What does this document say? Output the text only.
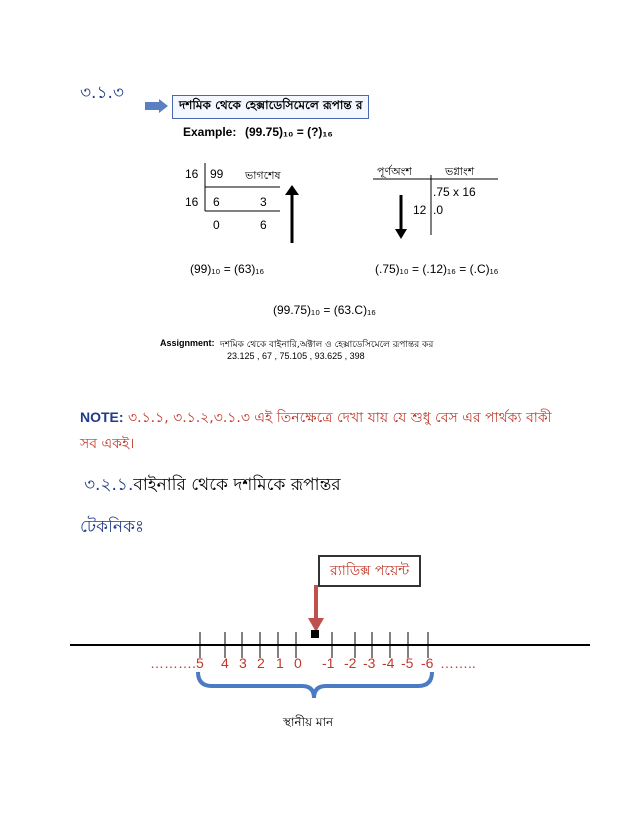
৩.১.৩
দশমিক থেকে হেক্সাডেসিমেলে রূপান্ত র
Example: (99.75)₁₀ = (?)₁₆
16 99 ভাগশেষ
16 6	3
0	6
পূর্ণঅংশ	ভগ্নাংশ
.75 x 16
12 .0
(99)₁₀ = (63)₁₆	(.75)₁₀ = (.12)₁₆ = (.C)₁₆
(99.75)₁₀ = (63.C)₁₆
Assignment: দশমিক থেকে বাইনারি,অক্টাল ও হেক্সাডেসিমেলে রূপান্তর কর
23.125 , 67 , 75.105 , 93.625 , 398
NOTE: ৩.১.১, ৩.১.২,৩.১.৩ এই তিনক্ষেত্রে দেখা যায় যে শুধু বেস এর পার্থক্য বাকী সব একই।
৩.২.১.বাইনারি থেকে দশমিকে রূপান্তর
টেকনিকঃ
র‍্যাডিক্স পয়েন্ট
………. 5 4 3 2 1 0 -1 -2 -3 -4 -5 -6 ……..
স্থানীয় মান
